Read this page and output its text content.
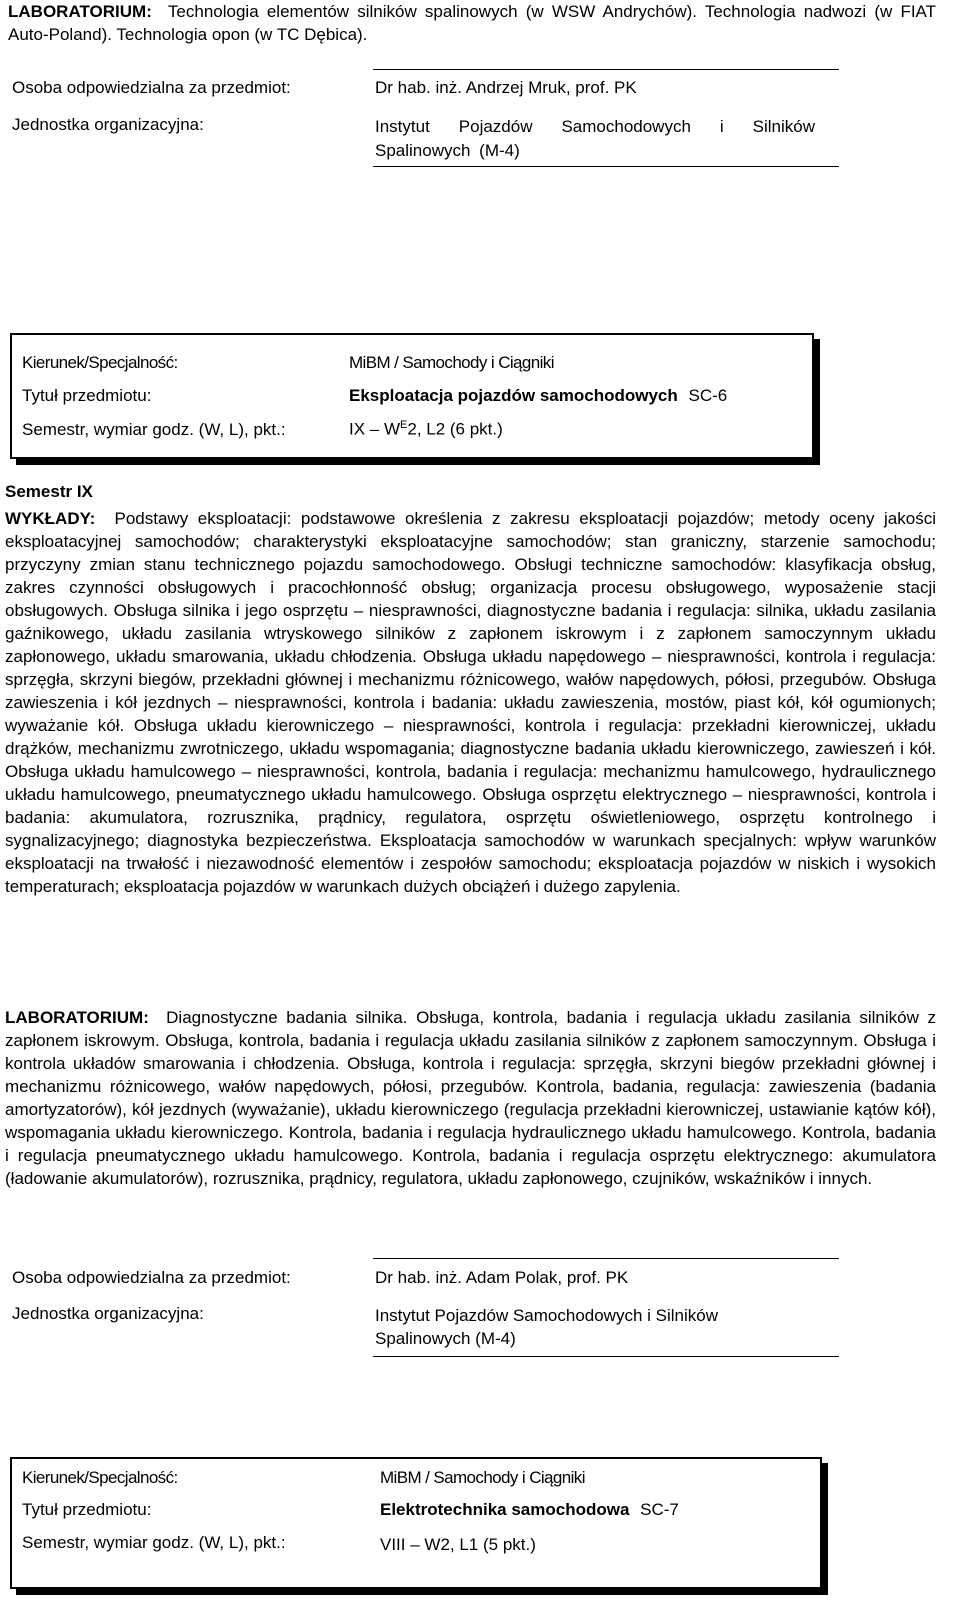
LABORATORIUM: Technologia elementów silników spalinowych (w WSW Andrychów). Technologia nadwozi (w FIAT Auto-Poland). Technologia opon (w TC Dębica).
Osoba odpowiedzialna za przedmiot:	Dr hab. inż. Andrzej Mruk, prof. PK
Jednostka organizacyjna:	Instytut Pojazdów Samochodowych i Silników Spalinowych (M-4)
Kierunek/Specjalność:	MiBM / Samochody i Ciągniki
Tytuł przedmiotu:	Eksploatacja pojazdów samochodowych SC-6
Semestr, wymiar godz. (W, L), pkt.:	IX – $W^E2$, L2 (6 pkt.)
Semestr IX
WYKŁADY: Podstawy eksploatacji: podstawowe określenia z zakresu eksploatacji pojazdów; metody oceny jakości eksploatacyjnej samochodów; charakterystyki eksploatacyjne samochodów; stan graniczny, starzenie samochodu; przyczyny zmian stanu technicznego pojazdu samochodowego. Obsługi techniczne samochodów: klasyfikacja obsług, zakres czynności obsługowych i pracochłonność obsług; organizacja procesu obsługowego, wyposażenie stacji obsługowych. Obsługa silnika i jego osprzętu – niesprawności, diagnostyczne badania i regulacja: silnika, układu zasilania gaźnikowego, układu zasilania wtryskowego silników z zapłonem iskrowym i z zapłonem samoczynnym układu zapłonowego, układu smarowania, układu chłodzenia. Obsługa układu napędowego – niesprawności, kontrola i regulacja: sprzęgła, skrzyni biegów, przekładni głównej i mechanizmu różnicowego, wałów napędowych, półosi, przegubów. Obsługa zawieszenia i kół jezdnych – niesprawności, kontrola i badania: układu zawieszenia, mostów, piast kół, kół ogumionych; wyważanie kół. Obsługa układu kierowniczego – niesprawności, kontrola i regulacja: przekładni kierowniczej, układu drążków, mechanizmu zwrotniczego, układu wspomagania; diagnostyczne badania układu kierowniczego, zawieszeń i kół. Obsługa układu hamulcowego – niesprawności, kontrola, badania i regulacja: mechanizmu hamulcowego, hydraulicznego układu hamulcowego, pneumatycznego układu hamulcowego. Obsługa osprzętu elektrycznego – niesprawności, kontrola i badania: akumulatora, rozrusznika, prądnicy, regulatora, osprzętu oświetleniowego, osprzętu kontrolnego i sygnalizacyjnego; diagnostyka bezpieczeństwa. Eksploatacja samochodów w warunkach specjalnych: wpływ warunków eksploatacji na trwałość i niezawodność elementów i zespołów samochodu; eksploatacja pojazdów w niskich i wysokich temperaturach; eksploatacja pojazdów w warunkach dużych obciążeń i dużego zapylenia.
LABORATORIUM: Diagnostyczne badania silnika. Obsługa, kontrola, badania i regulacja układu zasilania silników z zapłonem iskrowym. Obsługa, kontrola, badania i regulacja układu zasilania silników z zapłonem samoczynnym. Obsługa i kontrola układów smarowania i chłodzenia. Obsługa, kontrola i regulacja: sprzęgła, skrzyni biegów przekładni głównej i mechanizmu różnicowego, wałów napędowych, półosi, przegubów. Kontrola, badania, regulacja: zawieszenia (badania amortyzatorów), kół jezdnych (wyważanie), układu kierowniczego (regulacja przekładni kierowniczej, ustawianie kątów kół), wspomagania układu kierowniczego. Kontrola, badania i regulacja hydraulicznego układu hamulcowego. Kontrola, badania i regulacja pneumatycznego układu hamulcowego. Kontrola, badania i regulacja osprzętu elektrycznego: akumulatora (ładowanie akumulatorów), rozrusznika, prądnicy, regulatora, układu zapłonowego, czujników, wskaźników i innych.
Osoba odpowiedzialna za przedmiot:	Dr hab. inż. Adam Polak, prof. PK
Jednostka organizacyjna:	Instytut Pojazdów Samochodowych i Silników Spalinowych (M-4)
Kierunek/Specjalność:	MiBM / Samochody i Ciągniki
Tytuł przedmiotu:	Elektrotechnika samochodowa SC-7
Semestr, wymiar godz. (W, L), pkt.:	VIII – W2, L1 (5 pkt.)
